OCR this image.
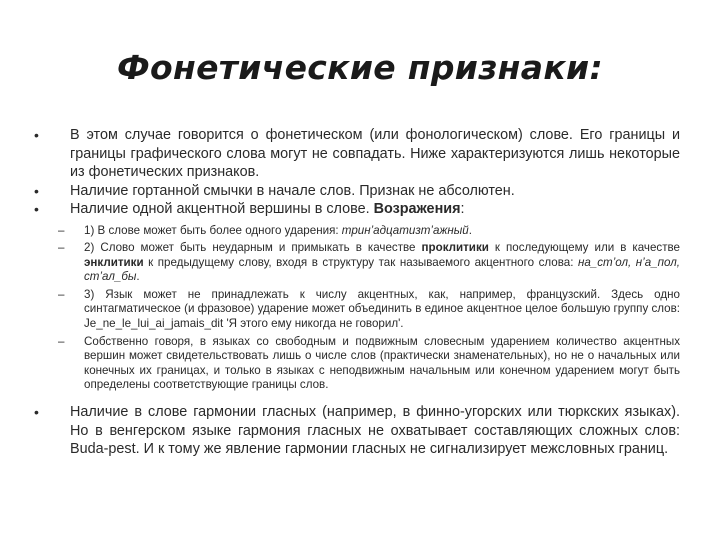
Фонетические признаки:
• В этом случае говорится о фонетическом (или фонологическом) слове. Его границы и границы графического слова могут не совпадать. Ниже характеризуются лишь некоторые из фонетических признаков.
• Наличие гортанной смычки в начале слов. Признак не абсолютен.
• Наличие одной акцентной вершины в слове. Возражения:
– 1) В слове может быть более одного ударения: трин’адцатизт’ажный.
– 2) Слово может быть неударным и примыкать в качестве проклитики к последующему или в качестве энклитики к предыдущему слову, входя в структуру так называемого акцентного слова: на_ст’ол, н’а_пол, ст’ал_бы.
– 3) Язык может не принадлежать к числу акцентных, как, например, французский. Здесь одно синтагматическое (и фразовое) ударение может объединить в единое акцентное целое большую группу слов: Je_ne_le_lui_ai_jamais_dit 'Я этого ему никогда не говорил'.
– Собственно говоря, в языках со свободным и подвижным словесным ударением количество акцентных вершин может свидетельствовать лишь о числе слов (практически знаменательных), но не о начальных или конечных их границах, и только в языках с неподвижным начальным или конечном ударением могут быть определены соответствующие границы слов.
• Наличие в слове гармонии гласных (например, в финно-угорских или тюркских языках). Но в венгерском языке гармония гласных не охватывает составляющих сложных слов: Buda-pest. И к тому же явление гармонии гласных не сигнализирует межсловных границ.
